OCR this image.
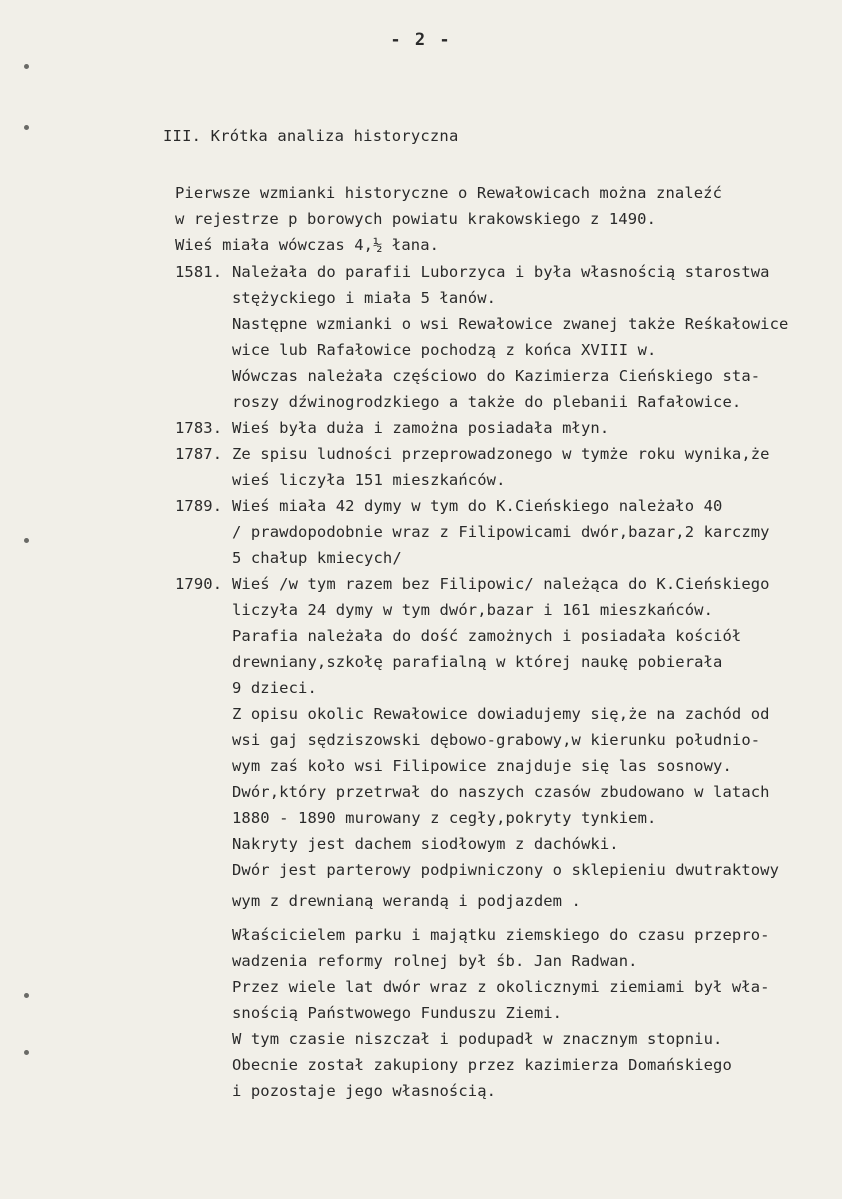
- 2 -
III. Krótka analiza historyczna
Pierwsze wzmianki historyczne o Rewałowicach można znaleźć
w rejestrze p borowych powiatu krakowskiego z 1490.
Wieś miała wówczas 4,½ łana.
1581. Należała do parafii Luborzyca i była własnością starostwa
stężyckiego i miała 5 łanów.
Następne wzmianki o wsi Rewałowice zwanej także Reśkałowice
wice lub Rafałowice pochodzą z końca XVIII w.
Wówczas należała częściowo do Kazimierza Cieńskiego sta-
roszy dźwinogrodzkiego a także do plebanii Rafałowice.
1783. Wieś była duża i zamożna posiadała młyn.
1787. Ze spisu ludności przeprowadzonego w tymże roku wynika,że
wieś liczyła 151 mieszkańców.
1789. Wieś miała 42 dymy w tym do K.Cieńskiego należało 40
/ prawdopodobnie wraz z Filipowicami dwór,bazar,2 karczmy
5 chałup kmiecych/
1790. Wieś /w tym razem bez Filipowic/ należąca do K.Cieńskiego
liczyła 24 dymy w tym dwór,bazar i 161 mieszkańców.
Parafia należała do dość zamożnych i posiadała kościół
drewniany,szkołę parafialną w której naukę pobierała
9 dzieci.
Z opisu okolic Rewałowice dowiadujemy się,że na zachód od
wsi gaj sędziszowski dębowo-grabowy,w kierunku południo-
wym zaś koło wsi Filipowice znajduje się las sosnowy.
Dwór,który przetrwał do naszych czasów zbudowano w latach
1880 - 1890 murowany z cegły,pokryty tynkiem.
Nakryty jest dachem siodłowym z dachówki.
Dwór jest parterowy podpiwniczony o sklepieniu dwutraktowy
wym z drewnianą werandą i podjazdem .
Właścicielem parku i majątku ziemskiego do czasu przepro-
wadzenia reformy rolnej był śb. Jan Radwan.
Przez wiele lat dwór wraz z okolicznymi ziemiami był wła-
snością Państwowego Funduszu Ziemi.
W tym czasie niszczał i podupadł w znacznym stopniu.
Obecnie został zakupiony przez kazimierza Domańskiego
i pozostaje jego własnością.
